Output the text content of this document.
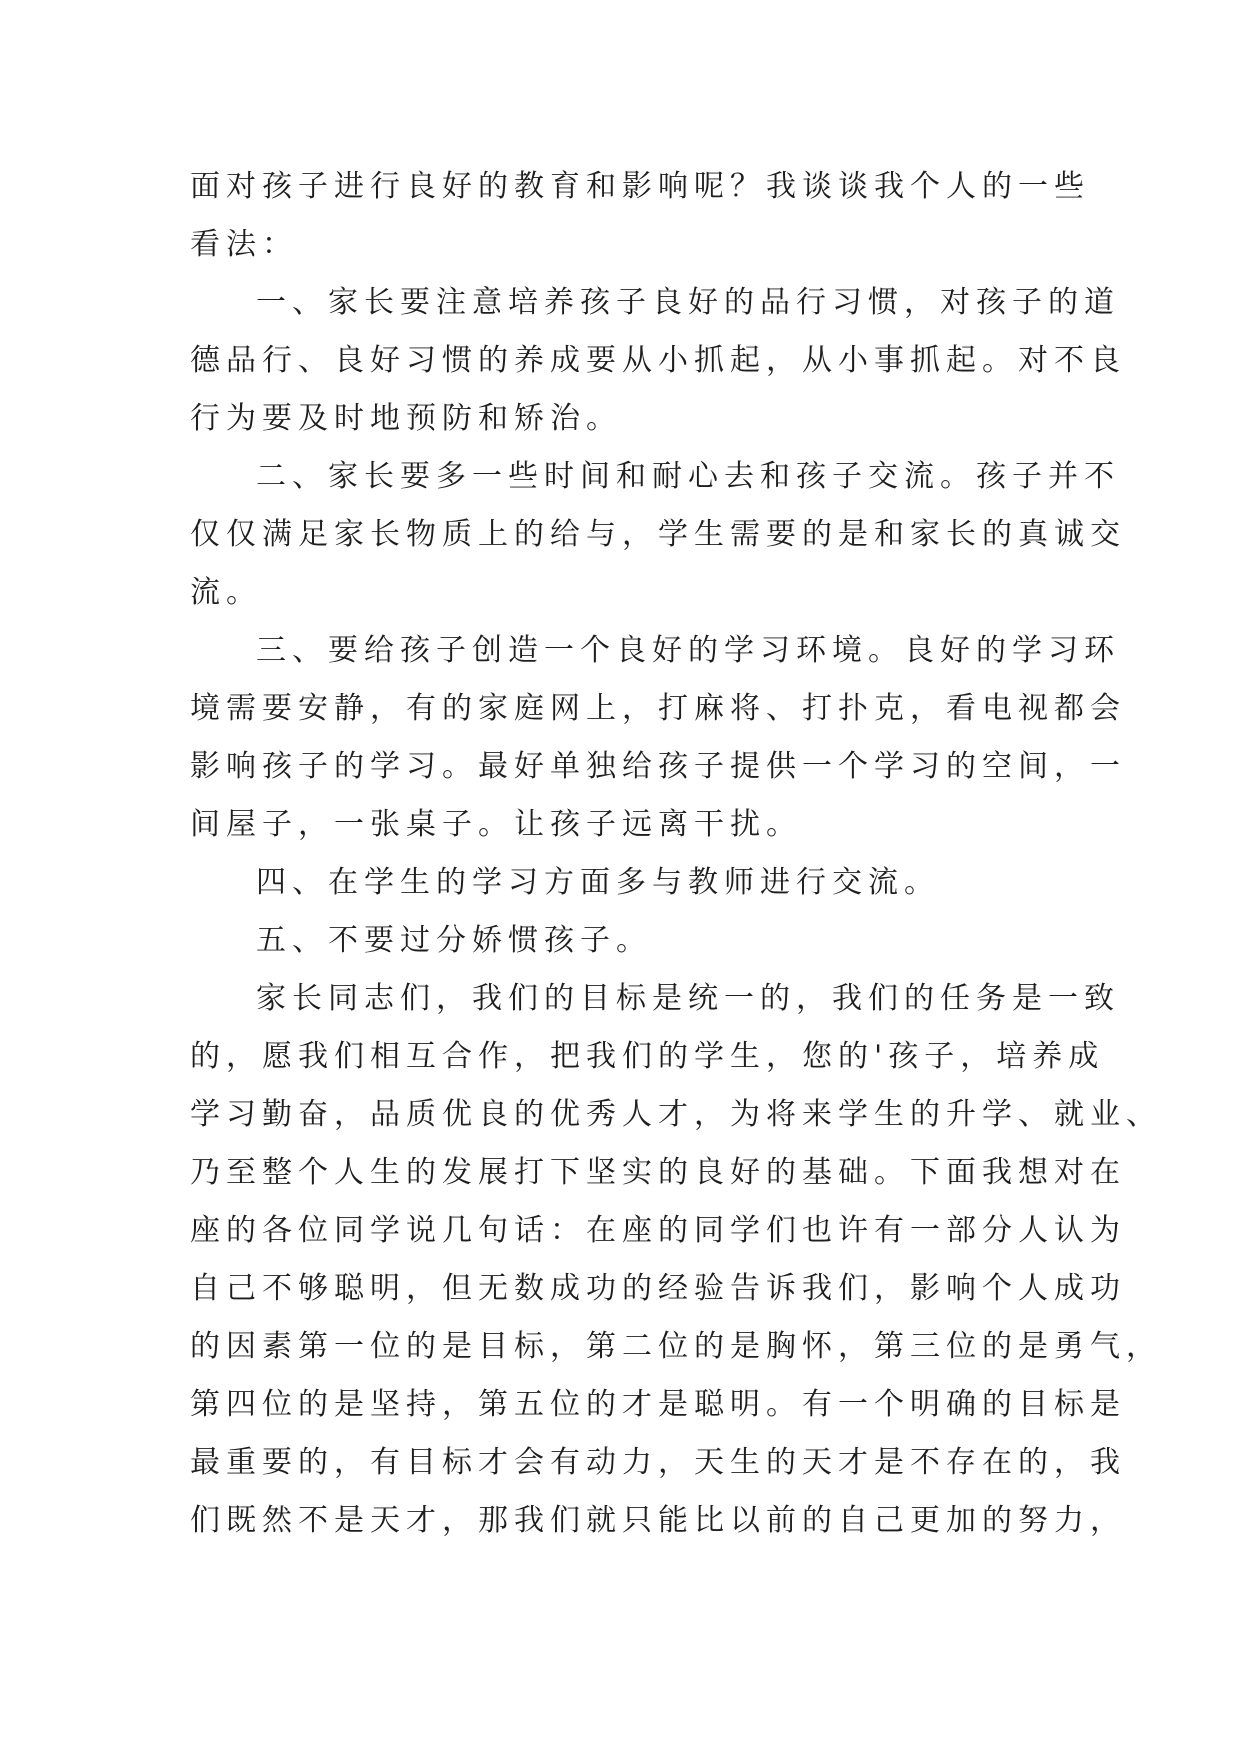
面对孩子进行良好的教育和影响呢？我谈谈我个人的一些
看法：
一、家长要注意培养孩子良好的品行习惯，对孩子的道
德品行、良好习惯的养成要从小抓起，从小事抓起。对不良
行为要及时地预防和矫治。
二、家长要多一些时间和耐心去和孩子交流。孩子并不
仅仅满足家长物质上的给与，学生需要的是和家长的真诚交
流。
三、要给孩子创造一个良好的学习环境。良好的学习环
境需要安静，有的家庭网上，打麻将、打扑克，看电视都会
影响孩子的学习。最好单独给孩子提供一个学习的空间，一
间屋子，一张桌子。让孩子远离干扰。
四、在学生的学习方面多与教师进行交流。
五、不要过分娇惯孩子。
家长同志们，我们的目标是统一的，我们的任务是一致
的，愿我们相互合作，把我们的学生，您的'孩子，培养成
学习勤奋，品质优良的优秀人才，为将来学生的升学、就业、
乃至整个人生的发展打下坚实的良好的基础。下面我想对在
座的各位同学说几句话：在座的同学们也许有一部分人认为
自己不够聪明，但无数成功的经验告诉我们，影响个人成功
的因素第一位的是目标，第二位的是胸怀，第三位的是勇气，
第四位的是坚持，第五位的才是聪明。有一个明确的目标是
最重要的，有目标才会有动力，天生的天才是不存在的，我
们既然不是天才，那我们就只能比以前的自己更加的努力，
